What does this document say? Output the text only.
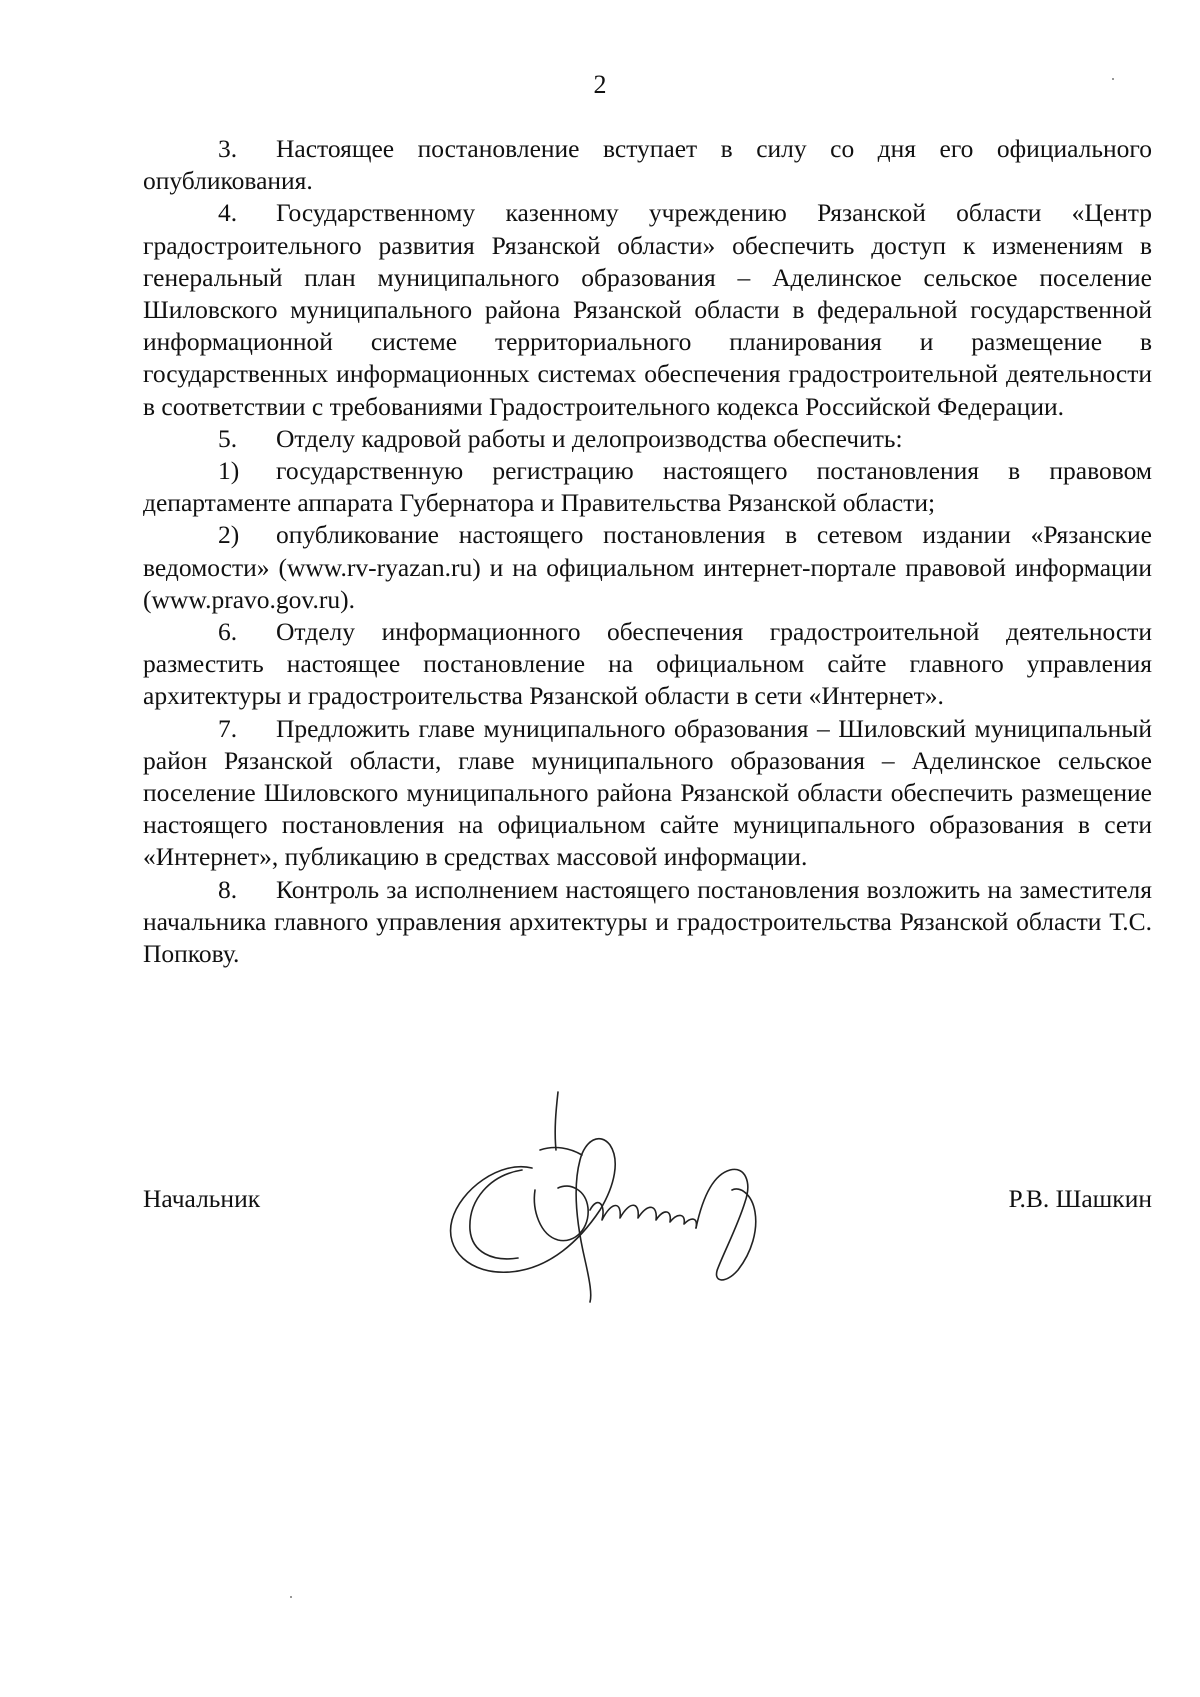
2

3. Настоящее постановление вступает в силу со дня его официального опубликования.

4. Государственному казенному учреждению Рязанской области «Центр градостроительного развития Рязанской области» обеспечить доступ к изменениям в генеральный план муниципального образования – Аделинское сельское поселение Шиловского муниципального района Рязанской области в федеральной государственной информационной системе территориального планирования и размещение в государственных информационных системах обеспечения градостроительной деятельности в соответствии с требованиями Градостроительного кодекса Российской Федерации.

5. Отделу кадровой работы и делопроизводства обеспечить:

1) государственную регистрацию настоящего постановления в правовом департаменте аппарата Губернатора и Правительства Рязанской области;

2) опубликование настоящего постановления в сетевом издании «Рязанские ведомости» (www.rv-ryazan.ru) и на официальном интернет-портале правовой информации (www.pravo.gov.ru).

6. Отделу информационного обеспечения градостроительной деятельности разместить настоящее постановление на официальном сайте главного управления архитектуры и градостроительства Рязанской области в сети «Интернет».

7. Предложить главе муниципального образования – Шиловский муниципальный район Рязанской области, главе муниципального образования – Аделинское сельское поселение Шиловского муниципального района Рязанской области обеспечить размещение настоящего постановления на официальном сайте муниципального образования в сети «Интернет», публикацию в средствах массовой информации.

8. Контроль за исполнением настоящего постановления возложить на заместителя начальника главного управления архитектуры и градостроительства Рязанской области Т.С. Попкову.

Начальник	Р.В. Шашкин
